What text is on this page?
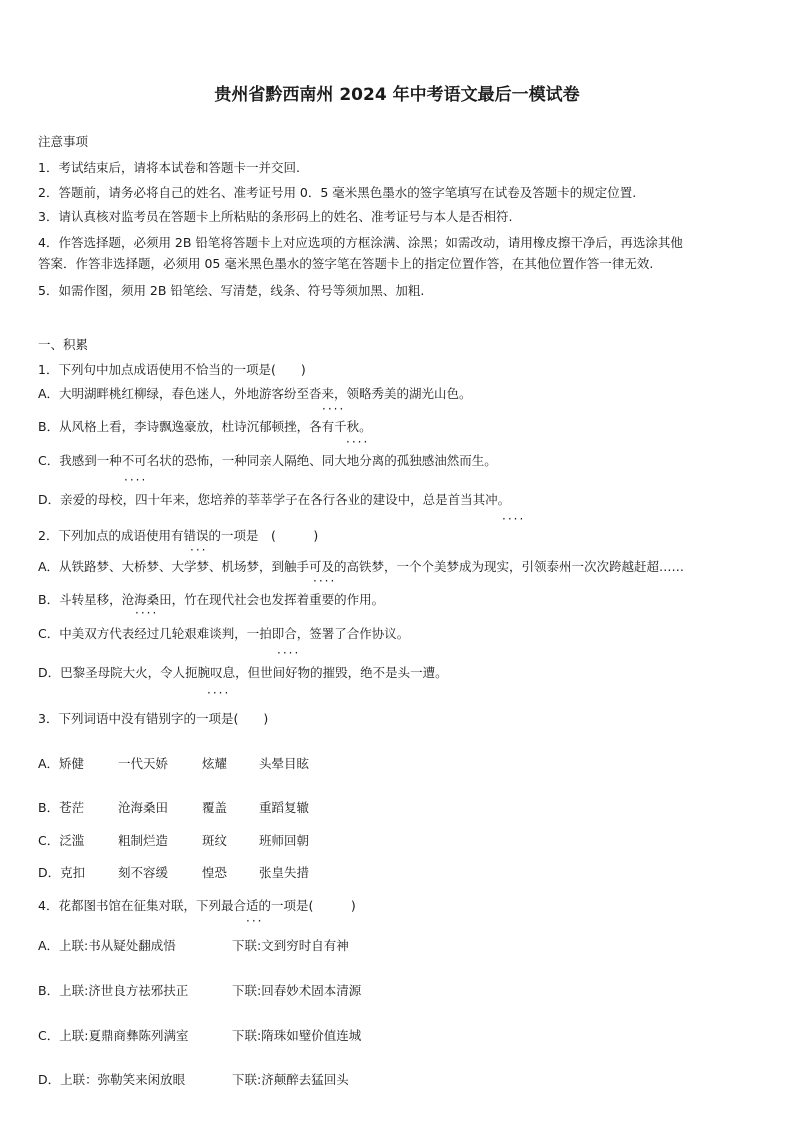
贵州省黔西南州 2024 年中考语文最后一模试卷
注意事项
1．考试结束后，请将本试卷和答题卡一并交回.
2．答题前，请务必将自己的姓名、准考证号用 0．5 毫米黑色墨水的签字笔填写在试卷及答题卡的规定位置.
3．请认真核对监考员在答题卡上所粘贴的条形码上的姓名、准考证号与本人是否相符.
4．作答选择题，必须用 2B 铅笔将答题卡上对应选项的方框涂满、涂黑；如需改动，请用橡皮擦干净后，再选涂其他
答案．作答非选择题，必须用 05 毫米黑色墨水的签字笔在答题卡上的指定位置作答，在其他位置作答一律无效.
5．如需作图，须用 2B 铅笔绘、写清楚，线条、符号等须加黑、加粗.
一、积累
1．下列句中加点成语使用不恰当的一项是(　　)
A．大明湖畔桃红柳绿，春色迷人，外地游客纷至沓来，领略秀美的湖光山色。
····
B．从风格上看，李诗飘逸豪放，杜诗沉郁顿挫，各有千秋。
····
C．我感到一种不可名状的恐怖，一种同亲人隔绝、同大地分离的孤独感油然而生。
····
D．亲爱的母校，四十年来，您培养的莘莘学子在各行各业的建设中，总是首当其冲。
····
2．下列加点的成语使用有错误的一项是　(　　　)
···
A．从铁路梦、大桥梦、大学梦、机场梦，到触手可及的高铁梦，一个个美梦成为现实，引领泰州一次次跨越赶超……
····
B．斗转星移，沧海桑田，竹在现代社会也发挥着重要的作用。
····
C．中美双方代表经过几轮艰难谈判，一拍即合，签署了合作协议。
····
D．巴黎圣母院大火，令人扼腕叹息，但世间好物的摧毁，绝不是头一遭。
····
3．下列词语中没有错别字的一项是(　　)
A．矫健	一代天娇	炫耀	头晕目眩
B．苍茫	沧海桑田	覆盖	重蹈复辙
C．泛滥	粗制烂造	斑纹	班师回朝
D．克扣	刻不容缓	惶恐	张皇失措
4．花都图书馆在征集对联，下列最合适的一项是(　　　)
···
A．上联:书从疑处翻成悟	下联:文到穷时自有神
B．上联:济世良方祛邪扶正	下联:回春妙术固本清源
C．上联:夏鼎商彝陈列满室	下联:隋珠如璧价值连城
D．上联：弥勒笑来闲放眼	下联:济颠醉去猛回头
